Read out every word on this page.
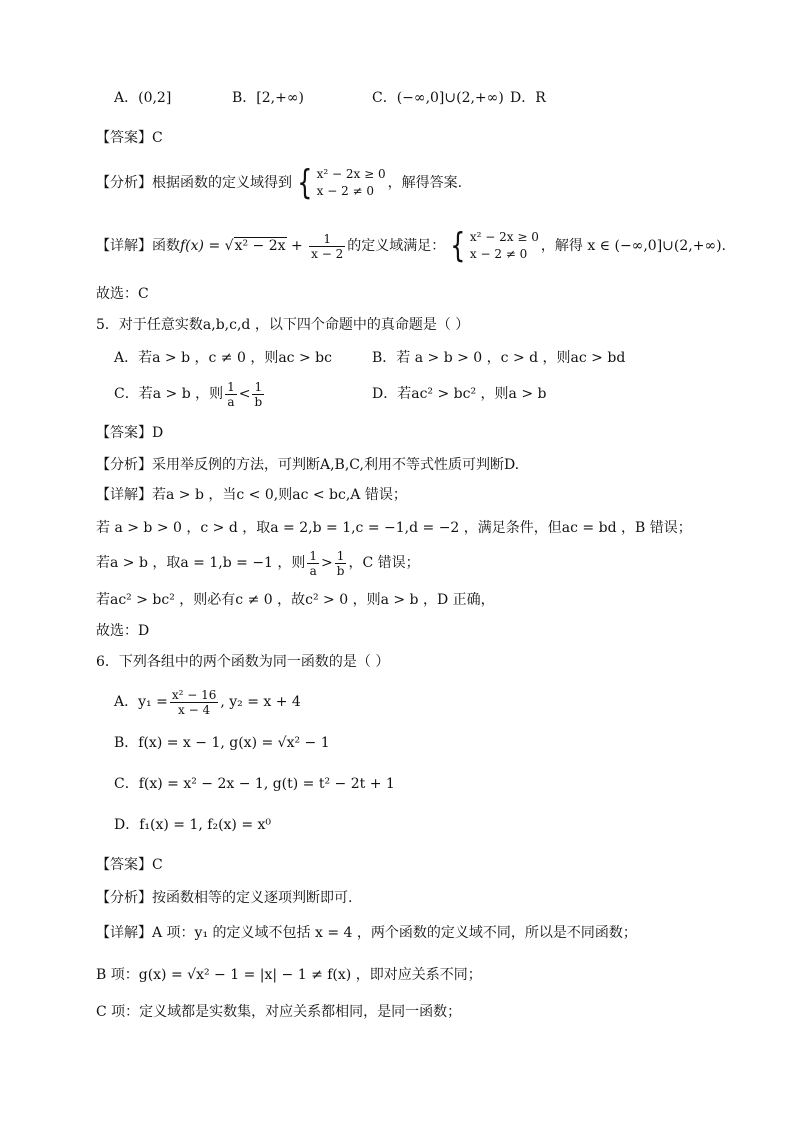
A．(0,2]	B．[2,+∞)	C．(−∞,0]∪(2,+∞) D．R
【答案】C
【分析】根据函数的定义域得到 { x² − 2x ≥ 0
x − 2 ≠ 0 ，解得答案.
【详解】函数$f(x) = √x^2 - 2x + \frac{1}{x - 2}$ 的定义域满足： { x² − 2x ≥ 0
x − 2 ≠ 0 ，解得 x ∈ (−∞,0]∪(2,+∞).
故选：C
5．对于任意实数a,b,c,d ，以下四个命题中的真命题是（ ）
A．若a > b ，c ≠ 0 ，则ac > bc	B．若 a > b > 0 ，c > d ，则ac > bd
C．若a > b ，则 $\frac{1}{a} < \frac{1}{b}$	D．若ac² > bc² ，则a > b
【答案】D
【分析】采用举反例的方法，可判断A,B,C,利用不等式性质可判断D.
【详解】若a > b ，当c < 0,则ac < bc,A 错误；
若 a > b > 0 ，c > d ，取a = 2,b = 1,c = −1,d = −2 ，满足条件，但ac = bd ，B 错误；
若a > b ，取a = 1,b = −1 ，则 $\frac{1}{a} > \frac{1}{b}$ ，C 错误；
若ac² > bc² ，则必有c ≠ 0 ，故c² > 0 ，则a > b ，D 正确，
故选：D
6．下列各组中的两个函数为同一函数的是（ ）
A．$y_1 = \frac{\text{x² − 16}}{x - 4}$ , y₂ = x + 4
B．f(x) = x − 1, g(x) = √x² − 1
C．f(x) = x² − 2x − 1, g(t) = t² − 2t + 1
D．f₁(x) = 1, f₂(x) = x⁰
【答案】C
【分析】按函数相等的定义逐项判断即可.
【详解】A 项：y₁ 的定义域不包括 x = 4 ，两个函数的定义域不同，所以是不同函数；
B 项：g(x) = √x² − 1 = |x| − 1 ≠ f(x) ，即对应关系不同；
C 项：定义域都是实数集，对应关系都相同，是同一函数；
